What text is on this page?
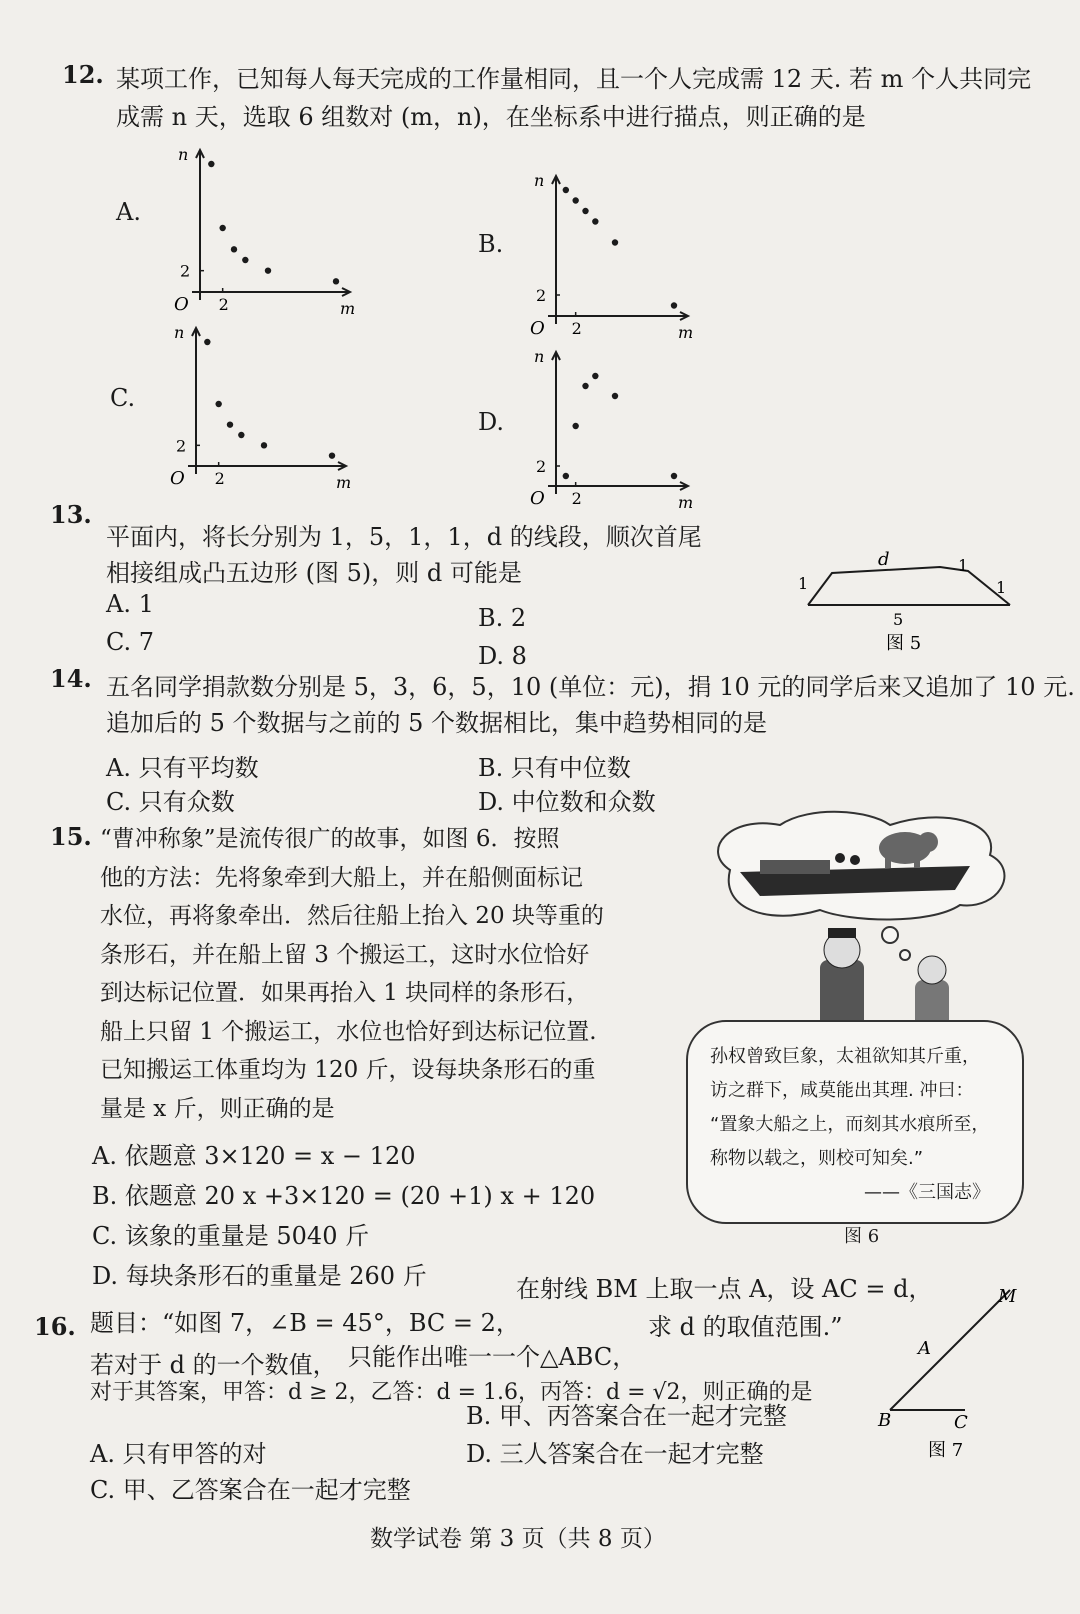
12. 某项工作，已知每人每天完成的工作量相同，且一个人完成需 12 天. 若 m 个人共同完
成需 n 天，选取 6 组数对 (m，n)，在坐标系中进行描点，则正确的是
A.
B.
C.
D.
O	m
n
2
2
O	m
n
2
2
O	m
n
2
2
O	m
n
2
2
13.
平面内，将长分别为 1，5，1，1，d 的线段，顺次首尾
相接组成凸五边形 (图 5)，则 d 可能是
A. 1	B. 2
C. 7	D. 8
d	1
1	1
5
图 5
14. 五名同学捐款数分别是 5，3，6，5，10 (单位：元)，捐 10 元的同学后来又追加了 10 元.
追加后的 5 个数据与之前的 5 个数据相比，集中趋势相同的是
A. 只有平均数	B. 只有中位数
C. 只有众数	D. 中位数和众数
15. “曹冲称象”是流传很广的故事，如图 6．按照
他的方法：先将象牵到大船上，并在船侧面标记
水位，再将象牵出．然后往船上抬入 20 块等重的
条形石，并在船上留 3 个搬运工，这时水位恰好
到达标记位置．如果再抬入 1 块同样的条形石，
船上只留 1 个搬运工，水位也恰好到达标记位置.
已知搬运工体重均为 120 斤，设每块条形石的重
量是 x 斤，则正确的是
A. 依题意 3×120 = x − 120
B. 依题意 20 x +3×120 = (20 +1) x + 120
C. 该象的重量是 5040 斤
D. 每块条形石的重量是 260 斤
孙权曾致巨象，太祖欲知其斤重，
访之群下，咸莫能出其理. 冲曰：
“置象大船之上，而刻其水痕所至，
称物以载之，则校可知矣.”
——《三国志》
图 6
16. 题目：“如图 7，∠B = 45°，BC = 2，
在射线 BM 上取一点 A，设 AC = d，
求 d 的取值范围.”
若对于 d 的一个数值， 只能作出唯一一个△ABC，
对于其答案，甲答：d ≥ 2，乙答：d = 1.6，丙答：d = √2，则正确的是
A. 只有甲答的对
B. 甲、丙答案合在一起才完整
C. 甲、乙答案合在一起才完整
D. 三人答案合在一起才完整
M
A
B	C
图 7
数学试卷 第 3 页（共 8 页）
